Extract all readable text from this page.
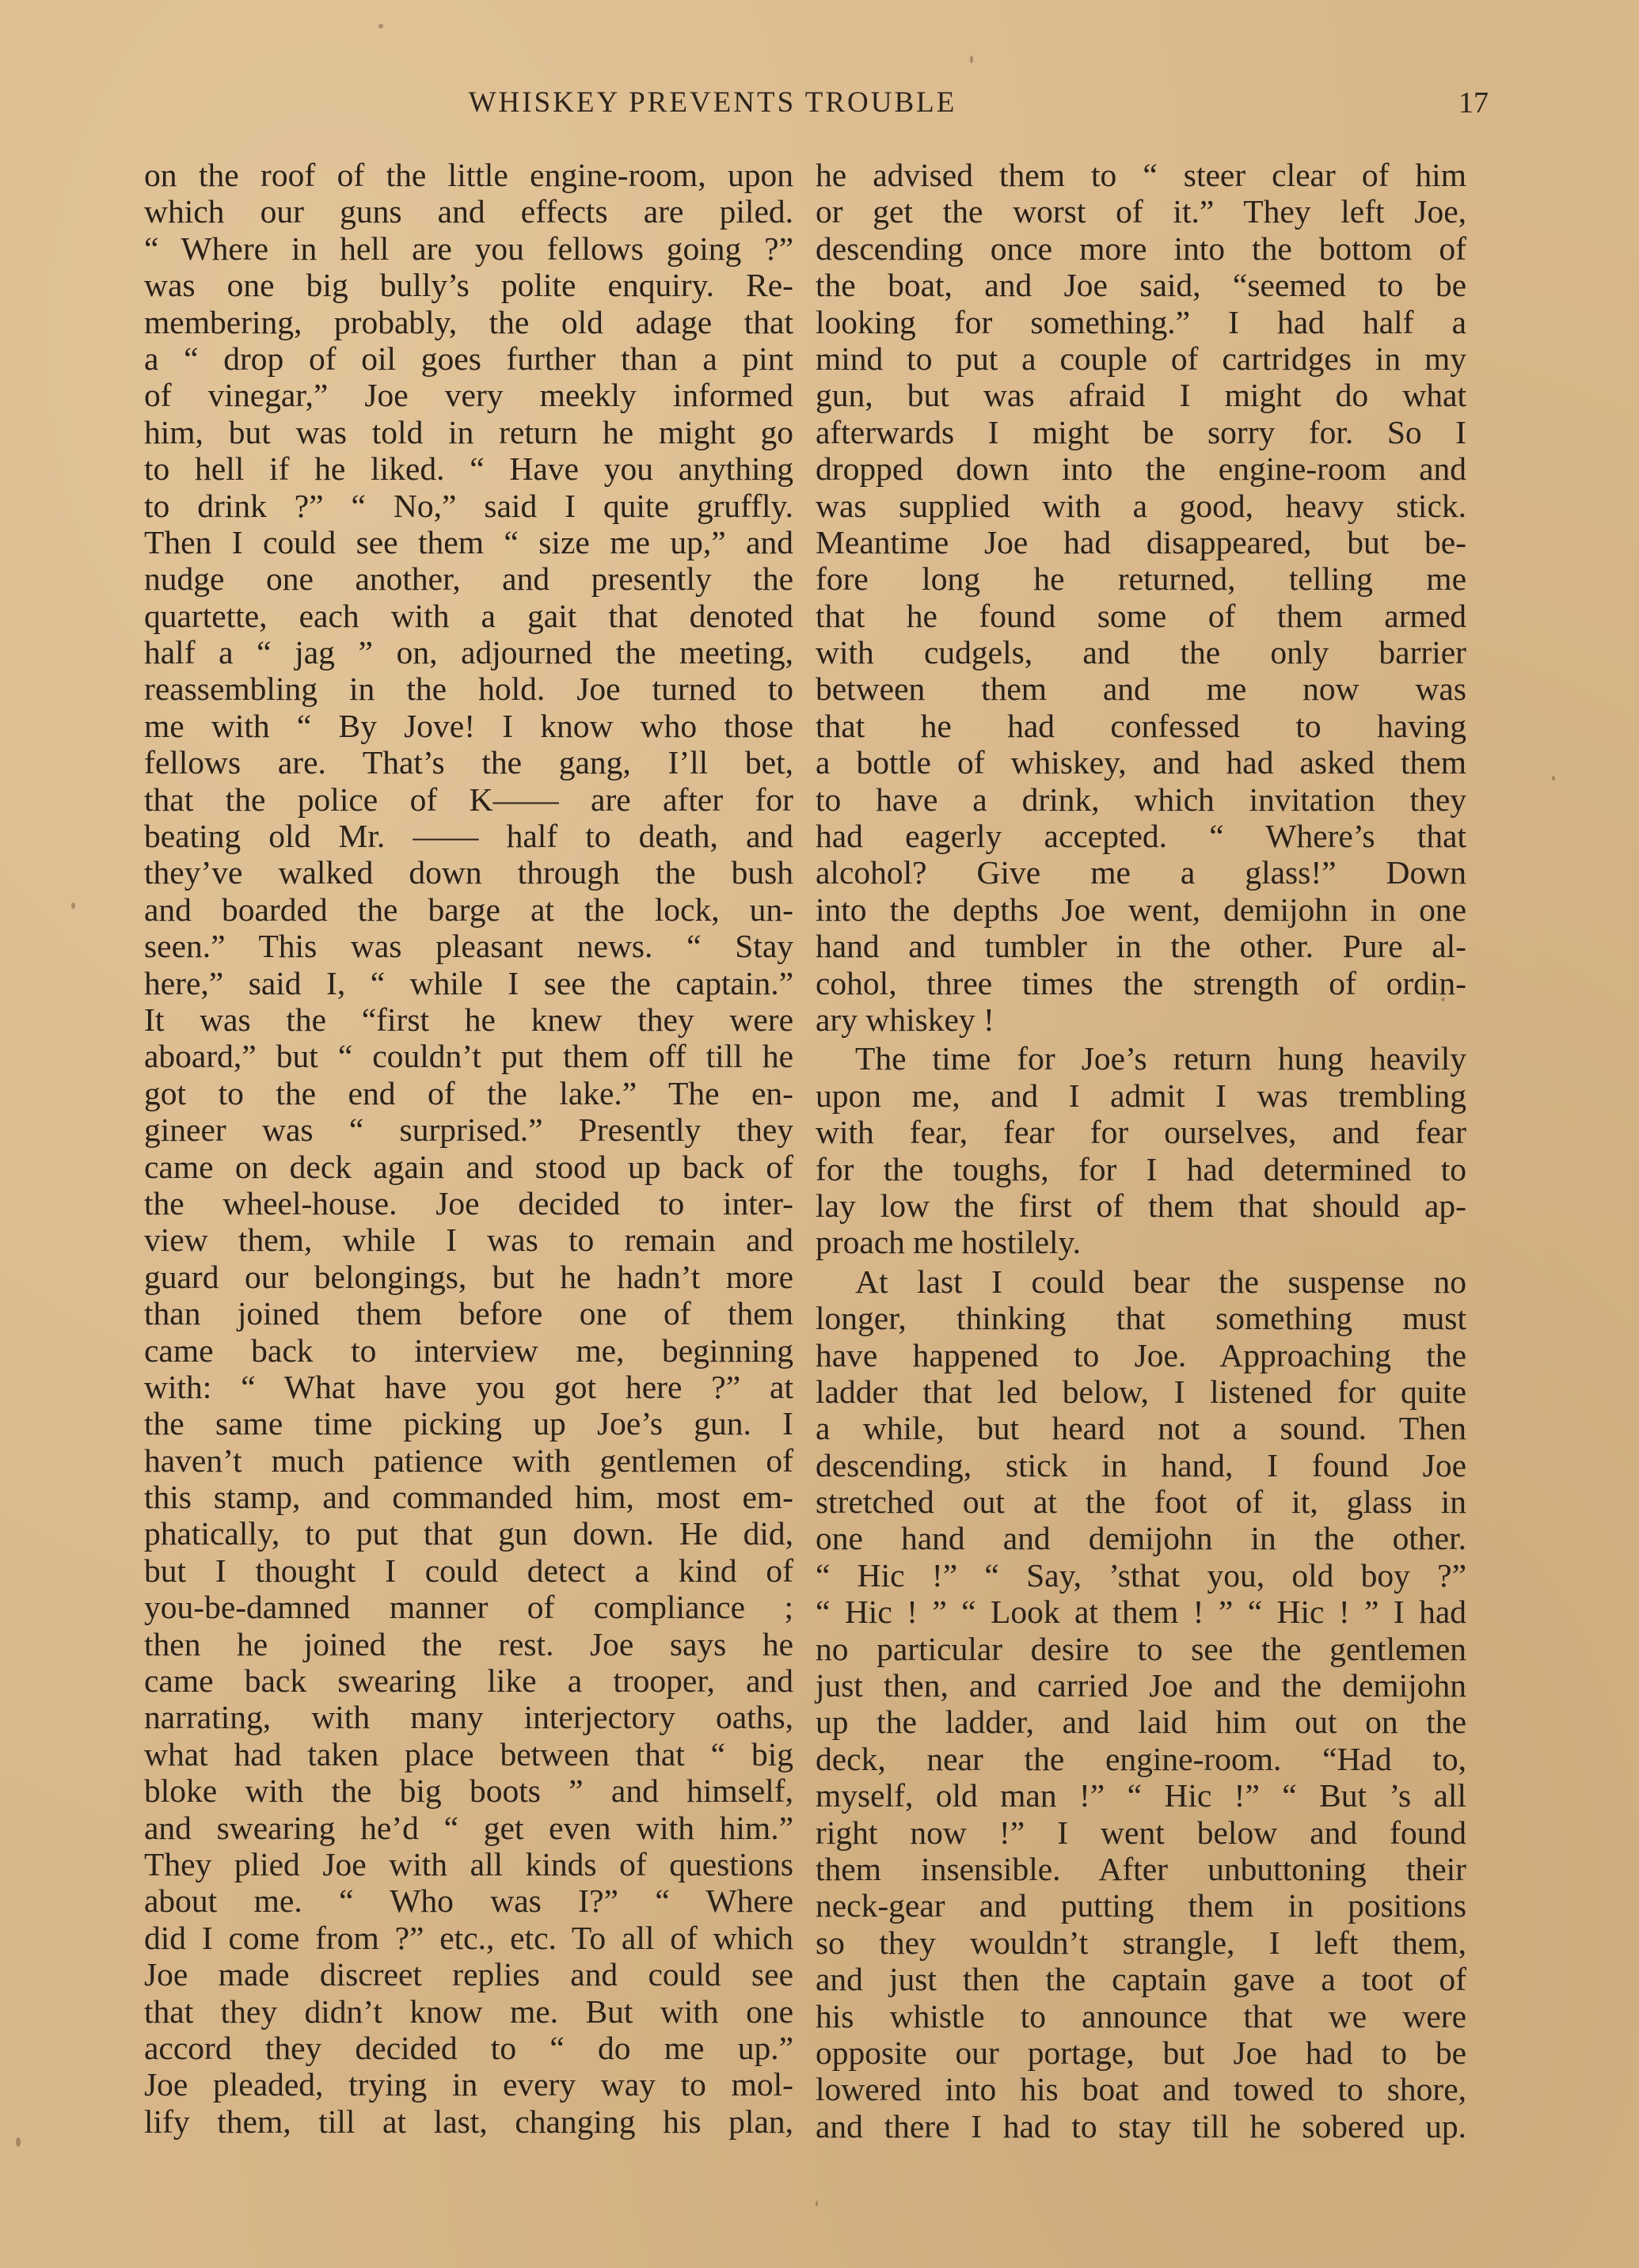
WHISKEY PREVENTS TROUBLE	17
on the roof of the little engine-room, upon
which our guns and effects are piled.
“ Where in hell are you fellows going ?”
was one big bully’s polite enquiry. Re-
membering, probably, the old adage that
a “ drop of oil goes further than a pint
of vinegar,” Joe very meekly informed
him, but was told in return he might go
to hell if he liked. “ Have you anything
to drink ?” “ No,” said I quite gruffly.
Then I could see them “ size me up,” and
nudge one another, and presently the
quartette, each with a gait that denoted
half a “ jag ” on, adjourned the meeting,
reassembling in the hold. Joe turned to
me with “ By Jove! I know who those
fellows are. That’s the gang, I’ll bet,
that the police of K—— are after for
beating old Mr. —— half to death, and
they’ve walked down through the bush
and boarded the barge at the lock, un-
seen.” This was pleasant news. “ Stay
here,” said I, “ while I see the captain.”
It was the “first he knew they were
aboard,” but “ couldn’t put them off till he
got to the end of the lake.” The en-
gineer was “ surprised.” Presently they
came on deck again and stood up back of
the wheel-house. Joe decided to inter-
view them, while I was to remain and
guard our belongings, but he hadn’t more
than joined them before one of them
came back to interview me, beginning
with: “ What have you got here ?” at
the same time picking up Joe’s gun. I
haven’t much patience with gentlemen of
this stamp, and commanded him, most em-
phatically, to put that gun down. He did,
but I thought I could detect a kind of
you-be-damned manner of compliance ;
then he joined the rest. Joe says he
came back swearing like a trooper, and
narrating, with many interjectory oaths,
what had taken place between that “ big
bloke with the big boots ” and himself,
and swearing he’d “ get even with him.”
They plied Joe with all kinds of questions
about me. “ Who was I?” “ Where
did I come from ?” etc., etc. To all of which
Joe made discreet replies and could see
that they didn’t know me. But with one
accord they decided to “ do me up.”
Joe pleaded, trying in every way to mol-
lify them, till at last, changing his plan,
he advised them to “ steer clear of him
or get the worst of it.” They left Joe,
descending once more into the bottom of
the boat, and Joe said, “seemed to be
looking for something.” I had half a
mind to put a couple of cartridges in my
gun, but was afraid I might do what
afterwards I might be sorry for. So I
dropped down into the engine-room and
was supplied with a good, heavy stick.
Meantime Joe had disappeared, but be-
fore long he returned, telling me
that he found some of them armed
with cudgels, and the only barrier
between them and me now was
that he had confessed to having
a bottle of whiskey, and had asked them
to have a drink, which invitation they
had eagerly accepted. “ Where’s that
alcohol? Give me a glass!” Down
into the depths Joe went, demijohn in one
hand and tumbler in the other. Pure al-
cohol, three times the strength of ordin-
ary whiskey !
The time for Joe’s return hung heavily
upon me, and I admit I was trembling
with fear, fear for ourselves, and fear
for the toughs, for I had determined to
lay low the first of them that should ap-
proach me hostilely.
At last I could bear the suspense no
longer, thinking that something must
have happened to Joe. Approaching the
ladder that led below, I listened for quite
a while, but heard not a sound. Then
descending, stick in hand, I found Joe
stretched out at the foot of it, glass in
one hand and demijohn in the other.
“ Hic !” “ Say, ’sthat you, old boy ?”
“ Hic ! ” “ Look at them ! ” “ Hic ! ” I had
no particular desire to see the gentlemen
just then, and carried Joe and the demijohn
up the ladder, and laid him out on the
deck, near the engine-room. “Had to,
myself, old man !” “ Hic !” “ But ’s all
right now !” I went below and found
them insensible. After unbuttoning their
neck-gear and putting them in positions
so they wouldn’t strangle, I left them,
and just then the captain gave a toot of
his whistle to announce that we were
opposite our portage, but Joe had to be
lowered into his boat and towed to shore,
and there I had to stay till he sobered up.
